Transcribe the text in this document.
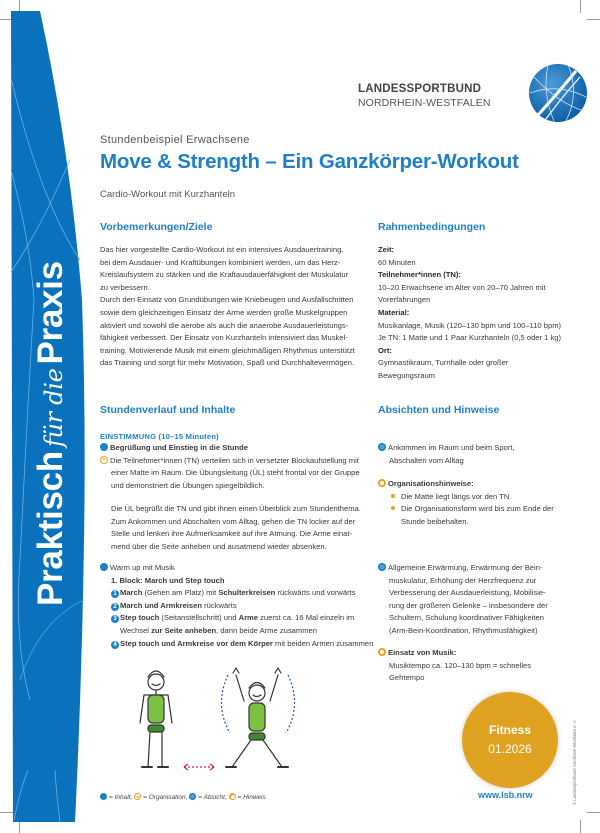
Praktischfür diePraxis
LANDESSPORTBUND
NORDRHEIN-WESTFALEN
Stundenbeispiel Erwachsene
Move & Strength – Ein Ganzkörper-Workout
Cardio-Workout mit Kurzhanteln
Vorbemerkungen/Ziele
Das hier vorgestellte Cardio-Workout ist ein intensives Ausdauertraining,
bei dem Ausdauer- und Kraftübungen kombiniert werden, um das Herz-
Kreislaufsystem zu stärken und die Kraftausdauerfähigkeit der Muskulatur
zu verbessern.
Durch den Einsatz von Grundübungen wie Kniebeugen und Ausfallschritten
sowie dem gleichzeitigen Einsatz der Arme werden große Muskelgruppen
aktiviert und sowohl die aerobe als auch die anaerobe Ausdauerleistungs-
fähigkeit verbessert. Der Einsatz von Kurzhanteln intensiviert das Muskel-
training. Motivierende Musik mit einem gleichmäßigen Rhythmus unterstützt
das Training und sorgt für mehr Motivation, Spaß und Durchhaltevermögen.
Rahmenbedingungen
Zeit:
60 Minuten
Teilnehmer*innen (TN):
10–20 Erwachsene im Alter von 20–70 Jahren mit
Vorerfahrungen
Material:
Musikanlage, Musik (120–130 bpm und 100–110 bpm)
Je TN: 1 Matte und 1 Paar Kurzhanteln (0,5 oder 1 kg)
Ort:
Gymnastikraum, Turnhalle oder großer
Bewegungsraum
Stundenverlauf und Inhalte
EINSTIMMUNG (10–15 Minuten)
Begrüßung und Einstieg in die Stunde
Die Teilnehmer*innen (TN) verteilen sich in versetzter Blockaufstellung mit
einer Matte im Raum. Die Übungsleitung (ÜL) steht frontal vor der Gruppe
und demonstriert die Übungen spiegelbildlich.
Die ÜL begrüßt die TN und gibt ihnen einen Überblick zum Stundenthema.
Zum Ankommen und Abschalten vom Alltag, gehen die TN locker auf der
Stelle und lenken ihre Aufmerksamkeit auf ihre Atmung. Die Arme einat-
mend über die Seite anheben und ausatmend wieder absenken.
Warm up mit Musik
1. Block: March und Step touch
1 March (Gehen am Platz) mit Schulterkreisen rückwärts und vorwärts
2 March und Armkreisen rückwärts
3 Step touch (Seitanstellschritt) und Arme zuerst ca. 16 Mal einzeln im
Wechsel zur Seite anheben, dann beide Arme zusammen
4 Step touch und Armkreise vor dem Körper mit beiden Armen zusammen
Absichten und Hinweise
Ankommen im Raum und beim Sport,
Abschalten vom Alltag
Organisationshinweise:
Die Matte liegt längs vor den TN.
Die Organisationsform wird bis zum Ende der
Stunde beibehalten.
Allgemeine Erwärmung, Erwärmung der Bein-
muskulatur, Erhöhung der Herzfrequenz zur
Verbesserung der Ausdauerleistung, Mobilisie-
rung der größeren Gelenke – insbesondere der
Schultern, Schulung koordinativer Fähigkeiten
(Arm-Bein-Koordination, Rhythmusfähigkeit)
Einsatz von Musik:
Musiktempo ca. 120–130 bpm = schnelles
Gehtempo
= Inhalt, = Organisation, = Absicht, = Hinweis
Fitness
01.2026
www.lsb.nrw	© Landessportbund Nordrhein-Westfalen e. V.
